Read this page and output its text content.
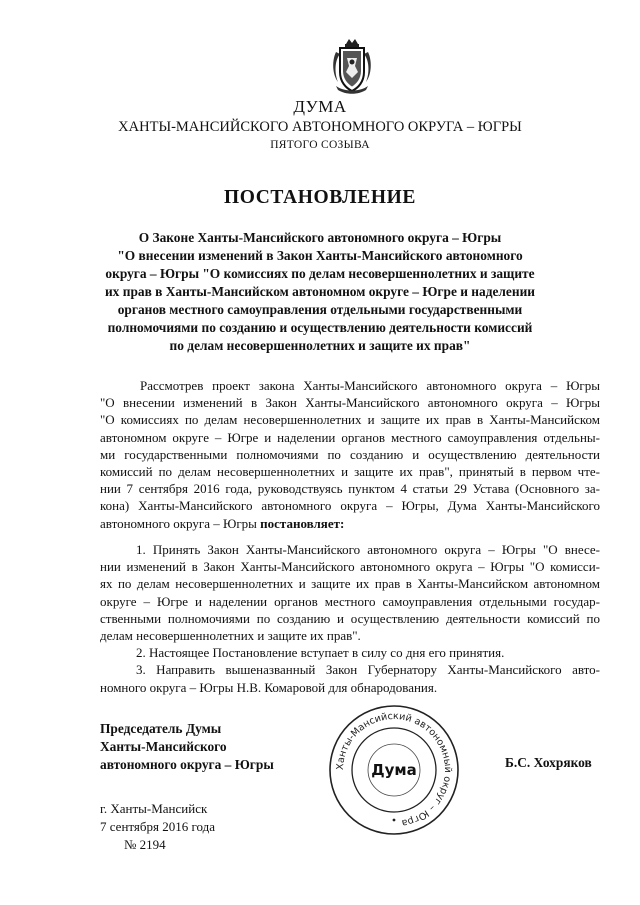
ДУМА
ХАНТЫ-МАНСИЙСКОГО АВТОНОМНОГО ОКРУГА – ЮГРЫ
ПЯТОГО СОЗЫВА
ПОСТАНОВЛЕНИЕ
О Законе Ханты-Мансийского автономного округа – Югры
"О внесении изменений в Закон Ханты-Мансийского автономного
округа – Югры "О комиссиях по делам несовершеннолетних и защите
их прав в Ханты-Мансийском автономном округе – Югре и наделении
органов местного самоуправления отдельными государственными
полномочиями по созданию и осуществлению деятельности комиссий
по делам несовершеннолетних и защите их прав"
Рассмотрев проект закона Ханты-Мансийского автономного округа – Югры
"О внесении изменений в Закон Ханты-Мансийского автономного округа – Югры
"О комиссиях по делам несовершеннолетних и защите их прав в Ханты-Мансийском
автономном округе – Югре и наделении органов местного самоуправления отдельны-
ми государственными полномочиями по созданию и осуществлению деятельности
комиссий по делам несовершеннолетних и защите их прав", принятый в первом чте-
нии 7 сентября 2016 года, руководствуясь пунктом 4 статьи 29 Устава (Основного за-
кона) Ханты-Мансийского автономного округа – Югры, Дума Ханты-Мансийского
автономного округа – Югры постановляет:
1. Принять Закон Ханты-Мансийского автономного округа – Югры "О внесе-
нии изменений в Закон Ханты-Мансийского автономного округа – Югры "О комисси-
ях по делам несовершеннолетних и защите их прав в Ханты-Мансийском автономном
округе – Югре и наделении органов местного самоуправления отдельными государ-
ственными полномочиями по созданию и осуществлению деятельности комиссий по
делам несовершеннолетних и защите их прав".
2. Настоящее Постановление вступает в силу со дня его принятия.
3. Направить вышеназванный Закон Губернатору Ханты-Мансийского авто-
номного округа – Югры Н.В. Комаровой для обнародования.
Председатель Думы
Ханты-Мансийского
автономного округа – Югры	Ханты-Мансийский автономный округ – Югра
Дума	Б.С. Хохряков
г. Ханты-Мансийск
7 сентября 2016 года
№ 2194
